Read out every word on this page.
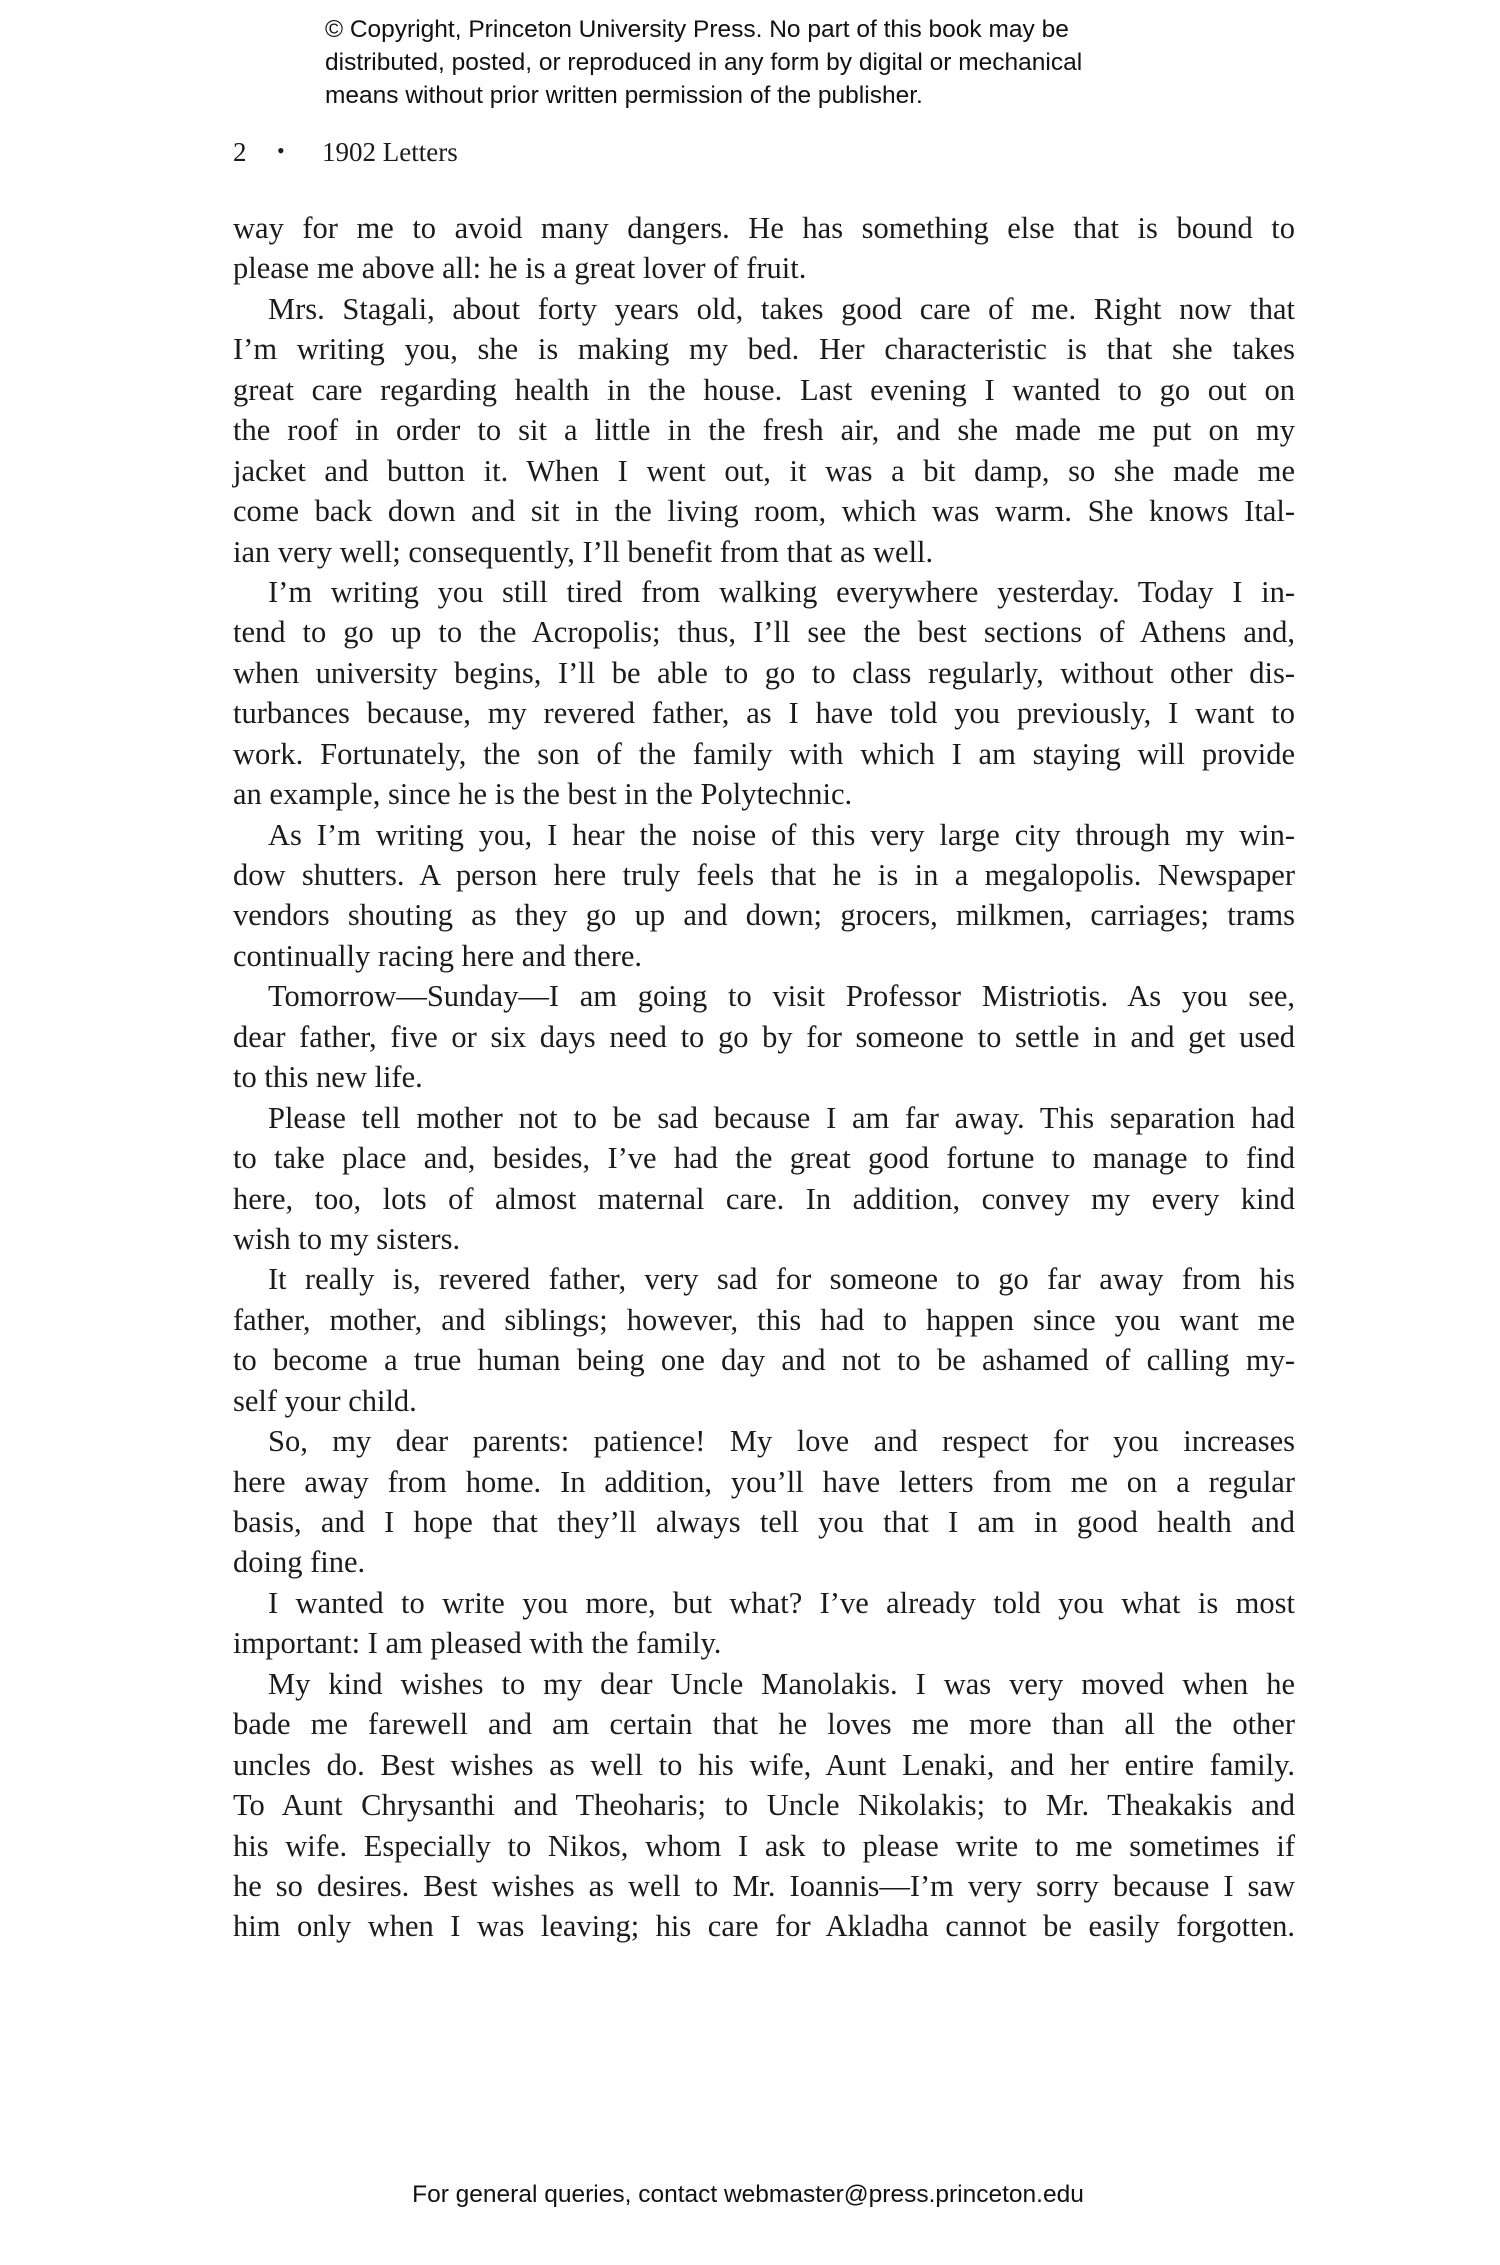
© Copyright, Princeton University Press. No part of this book may be
distributed, posted, or reproduced in any form by digital or mechanical
means without prior written permission of the publisher.
2 • 1902 Letters
way for me to avoid many dangers. He has something else that is bound to
please me above all: he is a great lover of fruit.
Mrs. Stagali, about forty years old, takes good care of me. Right now that
I’m writing you, she is making my bed. Her characteristic is that she takes
great care regarding health in the house. Last evening I wanted to go out on
the roof in order to sit a little in the fresh air, and she made me put on my
jacket and button it. When I went out, it was a bit damp, so she made me
come back down and sit in the living room, which was warm. She knows Ital-
ian very well; consequently, I’ll benefit from that as well.
I’m writing you still tired from walking everywhere yesterday. Today I in-
tend to go up to the Acropolis; thus, I’ll see the best sections of Athens and,
when university begins, I’ll be able to go to class regularly, without other dis-
turbances because, my revered father, as I have told you previously, I want to
work. Fortunately, the son of the family with which I am staying will provide
an example, since he is the best in the Polytechnic.
As I’m writing you, I hear the noise of this very large city through my win-
dow shutters. A person here truly feels that he is in a megalopolis. Newspaper
vendors shouting as they go up and down; grocers, milkmen, carriages; trams
continually racing here and there.
Tomorrow—Sunday—I am going to visit Professor Mistriotis. As you see,
dear father, five or six days need to go by for someone to settle in and get used
to this new life.
Please tell mother not to be sad because I am far away. This separation had
to take place and, besides, I’ve had the great good fortune to manage to find
here, too, lots of almost maternal care. In addition, convey my every kind
wish to my sisters.
It really is, revered father, very sad for someone to go far away from his
father, mother, and siblings; however, this had to happen since you want me
to become a true human being one day and not to be ashamed of calling my-
self your child.
So, my dear parents: patience! My love and respect for you increases
here away from home. In addition, you’ll have letters from me on a regular
basis, and I hope that they’ll always tell you that I am in good health and
doing fine.
I wanted to write you more, but what? I’ve already told you what is most
important: I am pleased with the family.
My kind wishes to my dear Uncle Manolakis. I was very moved when he
bade me farewell and am certain that he loves me more than all the other
uncles do. Best wishes as well to his wife, Aunt Lenaki, and her entire family.
To Aunt Chrysanthi and Theoharis; to Uncle Nikolakis; to Mr. Theakakis and
his wife. Especially to Nikos, whom I ask to please write to me sometimes if
he so desires. Best wishes as well to Mr. Ioannis—I’m very sorry because I saw
him only when I was leaving; his care for Akladha cannot be easily forgotten.
For general queries, contact webmaster@press.princeton.edu
